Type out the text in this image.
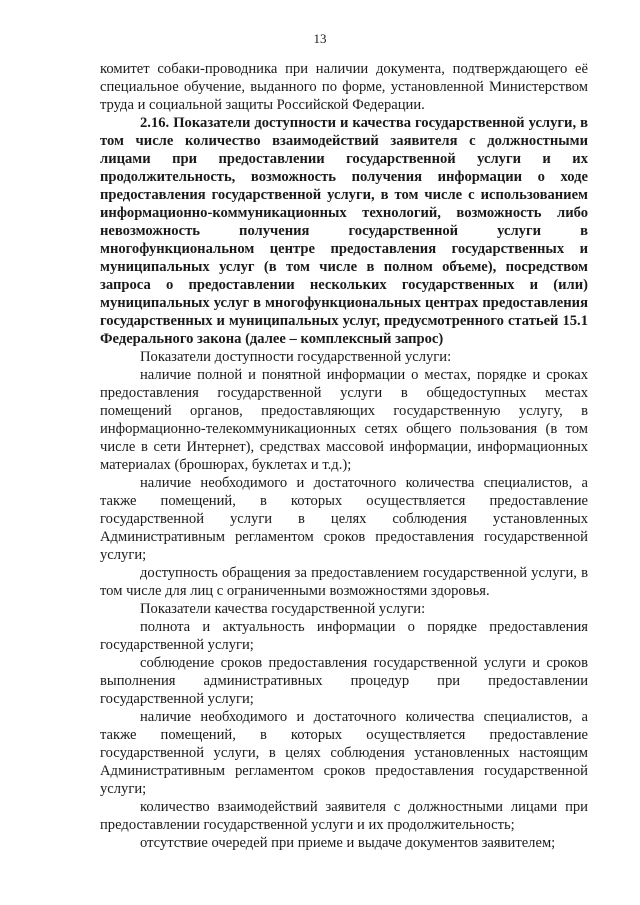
13

комитет собаки-проводника при наличии документа, подтверждающего её специальное обучение, выданного по форме, установленной Министерством труда и социальной защиты Российской Федерации.

2.16. Показатели доступности и качества государственной услуги, в том числе количество взаимодействий заявителя с должностными лицами при предоставлении государственной услуги и их продолжительность, возможность получения информации о ходе предоставления государственной услуги, в том числе с использованием информационно-коммуникационных технологий, возможность либо невозможность получения государственной услуги в многофункциональном центре предоставления государственных и муниципальных услуг (в том числе в полном объеме), посредством запроса о предоставлении нескольких государственных и (или) муниципальных услуг в многофункциональных центрах предоставления государственных и муниципальных услуг, предусмотренного статьей 15.1 Федерального закона (далее – комплексный запрос)

Показатели доступности государственной услуги:

наличие полной и понятной информации о местах, порядке и сроках предоставления государственной услуги в общедоступных местах помещений органов, предоставляющих государственную услугу, в информационно-телекоммуникационных сетях общего пользования (в том числе в сети Интернет), средствах массовой информации, информационных материалах (брошюрах, буклетах и т.д.);

наличие необходимого и достаточного количества специалистов, а также помещений, в которых осуществляется предоставление государственной услуги в целях соблюдения установленных Административным регламентом сроков предоставления государственной услуги;

доступность обращения за предоставлением государственной услуги, в том числе для лиц с ограниченными возможностями здоровья.

Показатели качества государственной услуги:

полнота и актуальность информации о порядке предоставления государственной услуги;

соблюдение сроков предоставления государственной услуги и сроков выполнения административных процедур при предоставлении государственной услуги;

наличие необходимого и достаточного количества специалистов, а также помещений, в которых осуществляется предоставление государственной услуги, в целях соблюдения установленных настоящим Административным регламентом сроков предоставления государственной услуги;

количество взаимодействий заявителя с должностными лицами при предоставлении государственной услуги и их продолжительность;

отсутствие очередей при приеме и выдаче документов заявителем;
